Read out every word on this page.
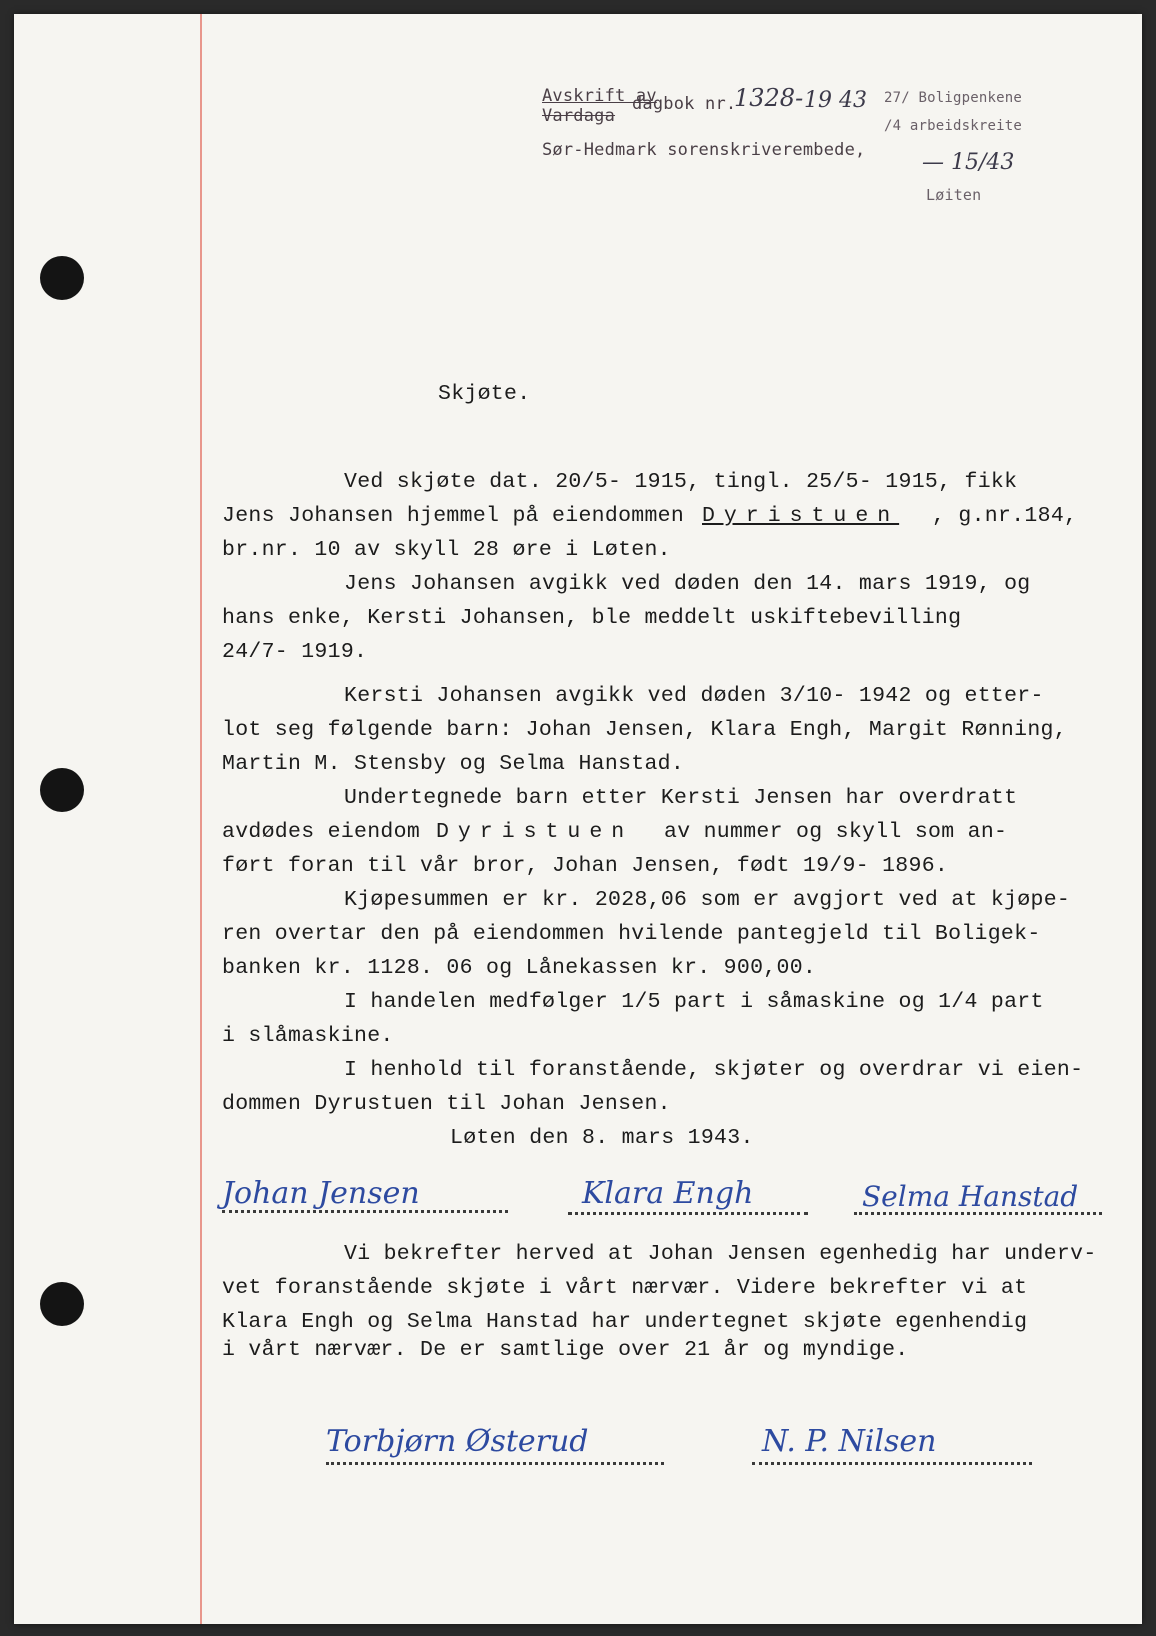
Avskrift av
Vardaga
dagbok nr.
1328- 19 43
Sør-Hedmark sorenskriverembede,
27/ Boligpenkene
/4 arbeidskreite
— 15/43
Løiten
Skjøte.
Ved skjøte dat. 20/5- 1915, tingl. 25/5- 1915, fikk
Jens Johansen hjemmel på eiendommen Dyristuen , g.nr.184,
br.nr. 10 av skyll 28 øre i Løten.
Jens Johansen avgikk ved døden den 14. mars 1919, og
hans enke, Kersti Johansen, ble meddelt uskiftebevilling
24/7- 1919.
Kersti Johansen avgikk ved døden 3/10- 1942 og etter-
lot seg følgende barn: Johan Jensen, Klara Engh, Margit Rønning,
Martin M. Stensby og Selma Hanstad.
Undertegnede barn etter Kersti Jensen har overdratt
avdødes eiendom Dyristuen av nummer og skyll som an-
ført foran til vår bror, Johan Jensen, født 19/9- 1896.
Kjøpesummen er kr. 2028,06 som er avgjort ved at kjøpe-
ren overtar den på eiendommen hvilende pantegjeld til Boligek-
banken kr. 1128. 06 og Lånekassen kr. 900,00.
I handelen medfølger 1/5 part i såmaskine og 1/4 part
i slåmaskine.
I henhold til foranstående, skjøter og overdrar vi eien-
dommen Dyrustuen til Johan Jensen.
Løten den 8. mars 1943.
Johan Jensen	Klara Engh	Selma Hanstad
Vi bekrefter herved at Johan Jensen egenhedig har underv-
vet foranstående skjøte i vårt nærvær. Videre bekrefter vi at
Klara Engh og Selma Hanstad har undertegnet skjøte egenhendig
i vårt nærvær. De er samtlige over 21 år og myndige.
Torbjørn Østerud	N. P. Nilsen
